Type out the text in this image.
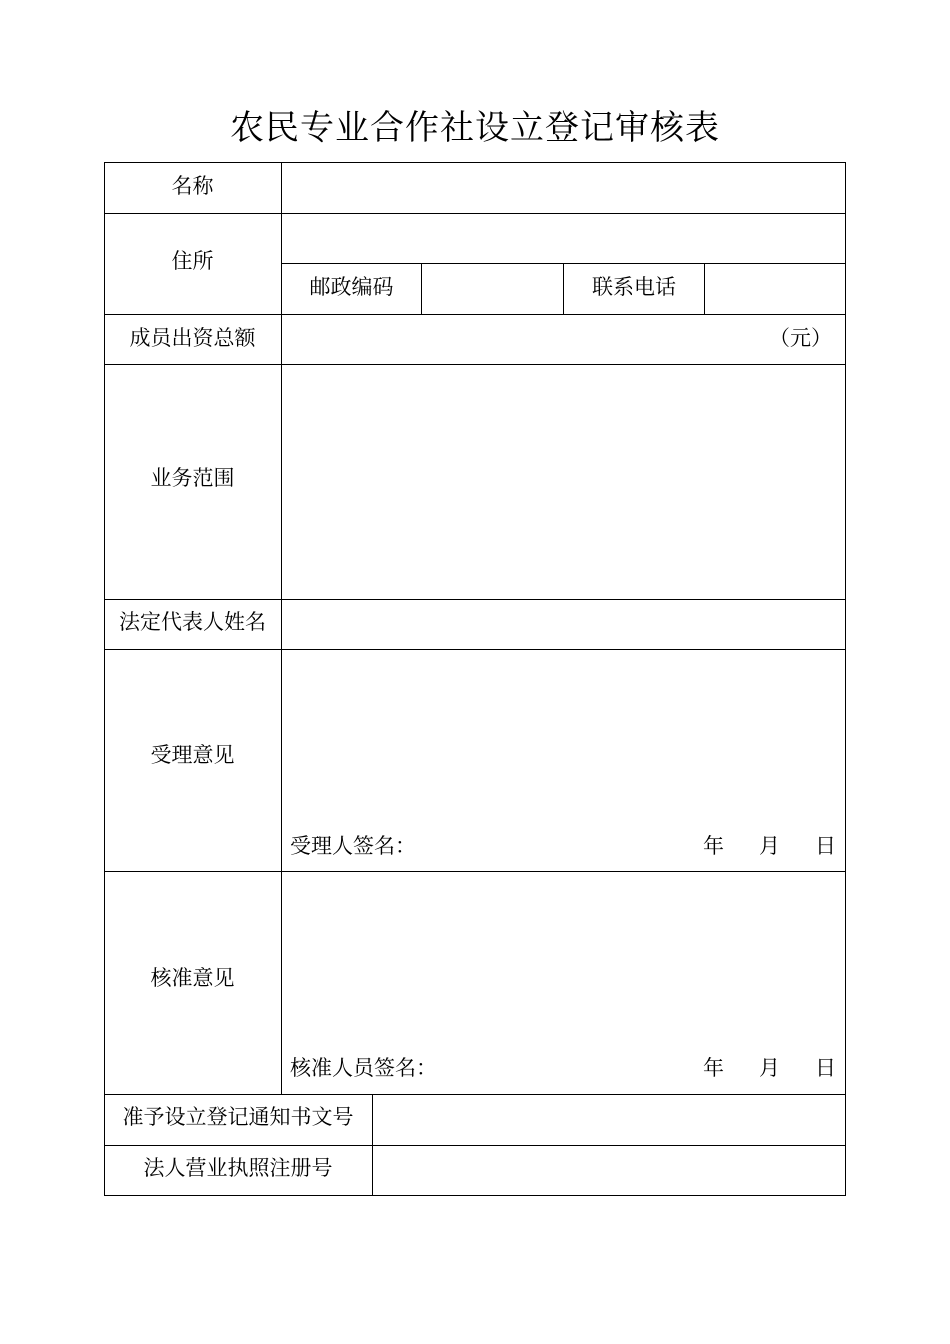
农民专业合作社设立登记审核表
名称
住所
邮政编码	联系电话
成员出资总额	（元）
业务范围
法定代表人姓名
受理意见
受理人签名：	年 月 日
核准意见
核准人员签名：	年 月 日
准予设立登记通知书文号
法人营业执照注册号
